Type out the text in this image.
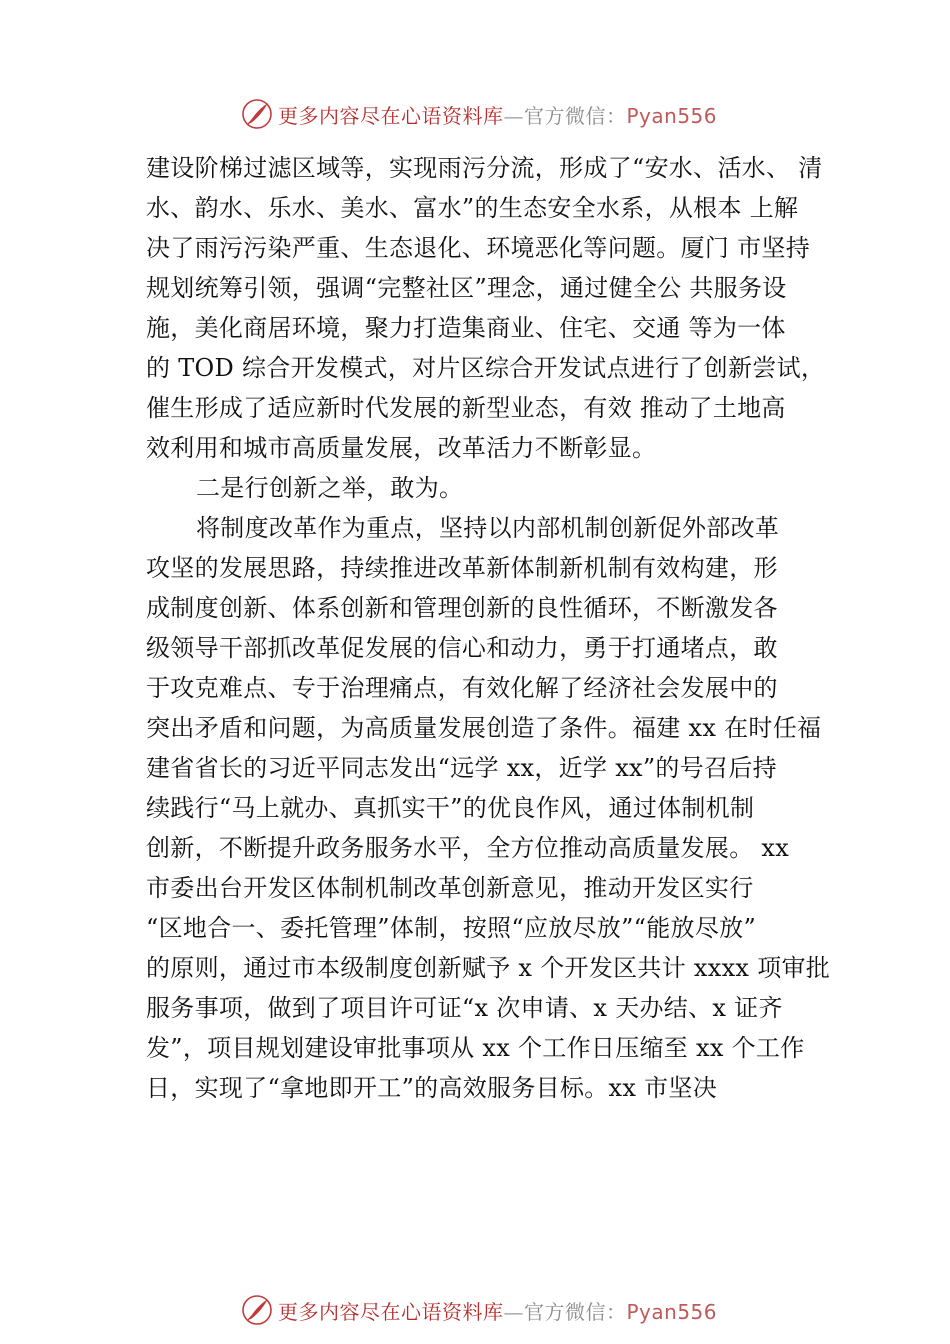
更多内容尽在心语资料库—官方微信：Pyan556
建设阶梯过滤区域等，实现雨污分流，形成了“安水、活水、 清
水、韵水、乐水、美水、富水”的生态安全水系，从根本 上解
决了雨污污染严重、生态退化、环境恶化等问题。厦门 市坚持
规划统筹引领，强调“完整社区”理念，通过健全公 共服务设
施，美化商居环境，聚力打造集商业、住宅、交通 等为一体
的 TOD 综合开发模式，对片区综合开发试点进行了创新尝试，
催生形成了适应新时代发展的新型业态，有效 推动了土地高
效利用和城市高质量发展，改革活力不断彰显。
二是行创新之举，敢为。
将制度改革作为重点，坚持以内部机制创新促外部改革
攻坚的发展思路，持续推进改革新体制新机制有效构建，形
成制度创新、体系创新和管理创新的良性循环，不断激发各
级领导干部抓改革促发展的信心和动力，勇于打通堵点，敢
于攻克难点、专于治理痛点，有效化解了经济社会发展中的
突出矛盾和问题，为高质量发展创造了条件。福建 xx 在时任福
建省省长的习近平同志发出“远学 xx，近学 xx”的号召后持
续践行“马上就办、真抓实干”的优良作风，通过体制机制
创新，不断提升政务服务水平，全方位推动高质量发展。 xx
市委出台开发区体制机制改革创新意见，推动开发区实行
“区地合一、委托管理”体制，按照“应放尽放”“能放尽放”
的原则，通过市本级制度创新赋予 x 个开发区共计 xxxx 项审批
服务事项，做到了项目许可证“x 次申请、x 天办结、x 证齐
发”，项目规划建设审批事项从 xx 个工作日压缩至 xx 个工作
日，实现了“拿地即开工”的高效服务目标。xx 市坚决
更多内容尽在心语资料库—官方微信：Pyan556
